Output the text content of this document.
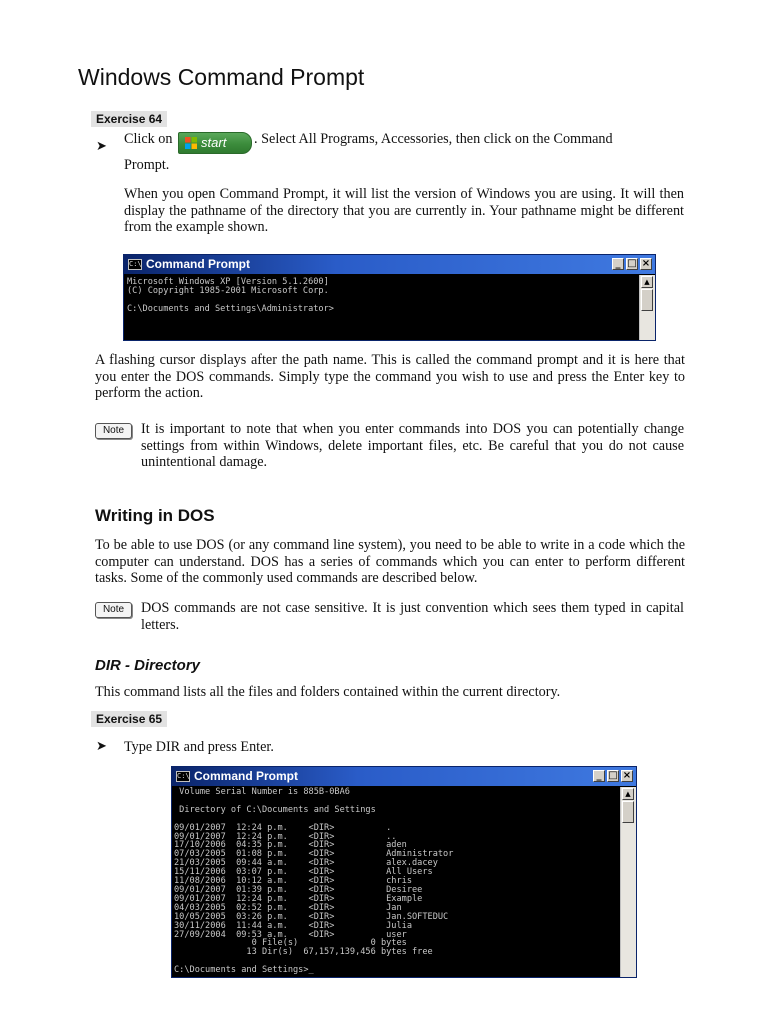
Windows Command Prompt
Exercise 64
➤ Click on start . Select All Programs, Accessories, then click on the Command
Prompt.

When you open Command Prompt, it will list the version of Windows you are using. It will then display the pathname of the directory that you are currently in. Your pathname might be different from the example shown.

C:\ Command Prompt	_ □ ×
▲
Microsoft Windows XP [Version 5.1.2600]
(C) Copyright 1985-2001 Microsoft Corp.

C:\Documents and Settings\Administrator>

A flashing cursor displays after the path name. This is called the command prompt and it is here that you enter the DOS commands. Simply type the command you wish to use and press the Enter key to perform the action.

Note	It is important to note that when you enter commands into DOS you can potentially change settings from within Windows, delete important files, etc. Be careful that you do not cause unintentional damage.

Writing in DOS

To be able to use DOS (or any command line system), you need to be able to write in a code which the computer can understand. DOS has a series of commands which you can enter to perform different tasks. Some of the commonly used commands are described below.

Note	DOS commands are not case sensitive. It is just convention which sees them typed in capital letters.

DIR - Directory

This command lists all the files and folders contained within the current directory.

Exercise 65
➤ Type DIR and press Enter.
C:\ Command Prompt	_ □ ×
▲
Volume Serial Number is 885B-0BA6

Directory of C:\Documents and Settings

09/01/2007  12:24 p.m.    <DIR>          .
09/01/2007  12:24 p.m.    <DIR>          ..
17/10/2006  04:35 p.m.    <DIR>          aden
07/03/2005  01:08 p.m.    <DIR>          Administrator
21/03/2005  09:44 a.m.    <DIR>          alex.dacey
15/11/2006  03:07 p.m.    <DIR>          All Users
11/08/2006  10:12 a.m.    <DIR>          chris
09/01/2007  01:39 p.m.    <DIR>          Desiree
09/01/2007  12:24 p.m.    <DIR>          Example
04/03/2005  02:52 p.m.    <DIR>          Jan
10/05/2005  03:26 p.m.    <DIR>          Jan.SOFTEDUC
30/11/2006  11:44 a.m.    <DIR>          Julia
27/09/2004  09:53 a.m.    <DIR>          user
0 File(s)              0 bytes
13 Dir(s)  67,157,139,456 bytes free

C:\Documents and Settings>_
